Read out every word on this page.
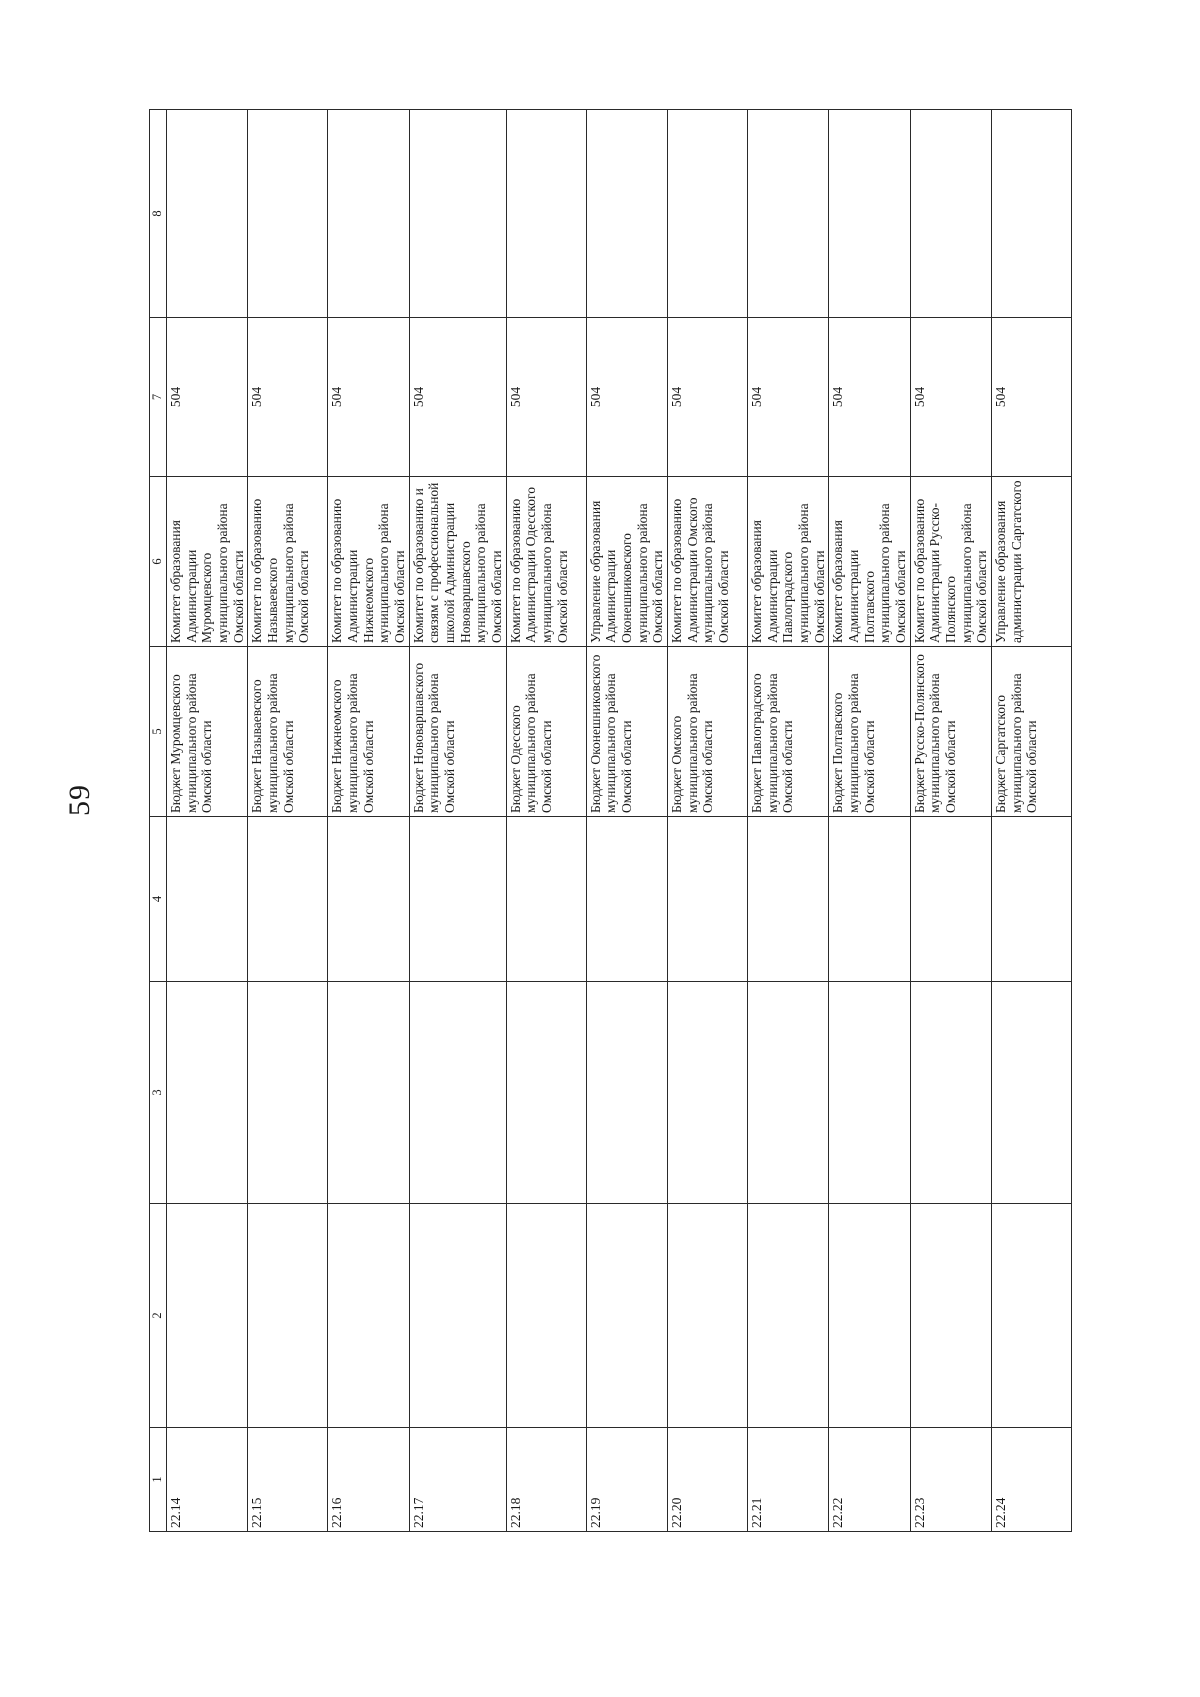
59
1	2	3	4	5	6	7	8
22.14				Бюджет Муромцевского муниципального района Омской области	Комитет образования Администрации Муромцевского муниципального района Омской области	504	
22.15				Бюджет Называевского муниципального района Омской области	Комитет по образованию Называевского муниципального района Омской области	504	
22.16				Бюджет Нижнеомского муниципального района Омской области	Комитет по образованию Администрации Нижнеомского муниципального района Омской области	504	
22.17				Бюджет Нововаршавского муниципального района Омской области	Комитет по образованию и связям с профессиональной школой Администрации Нововаршавского муниципального района Омской области	504	
22.18				Бюджет Одесского муниципального района Омской области	Комитет по образованию Администрации Одесского муниципального района Омской области	504	
22.19				Бюджет Оконешниковского муниципального района Омской области	Управление образования Администрации Оконешниковского муниципального района Омской области	504	
22.20				Бюджет Омского муниципального района Омской области	Комитет по образованию Администрации Омского муниципального района Омской области	504	
22.21				Бюджет Павлоградского муниципального района Омской области	Комитет образования Администрации Павлоградского муниципального района Омской области	504	
22.22				Бюджет Полтавского муниципального района Омской области	Комитет образования Администрации Полтавского муниципального района Омской области	504	
22.23				Бюджет Русско-Полянского муниципального района Омской области	Комитет по образованию Администрации Русско-Полянского муниципального района Омской области	504	
22.24				Бюджет Саргатского муниципального района Омской области	Управление образования администрации Саргатского	504	
